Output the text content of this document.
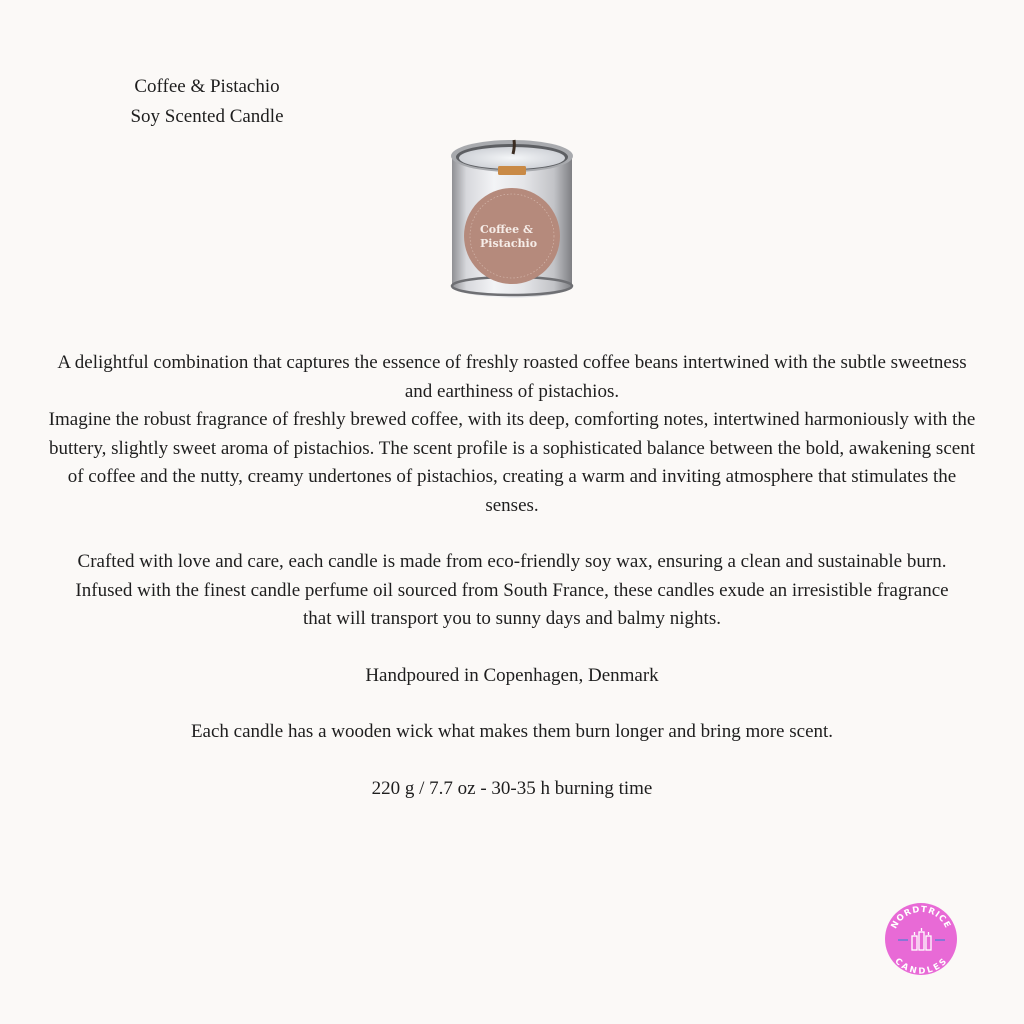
Coffee & Pistachio
Soy Scented Candle
Coffee &
Pistachio

A delightful combination that captures the essence of freshly roasted coffee beans intertwined with the subtle sweetness and earthiness of pistachios.

Imagine the robust fragrance of freshly brewed coffee, with its deep, comforting notes, intertwined harmoniously with the buttery, slightly sweet aroma of pistachios. The scent profile is a sophisticated balance between the bold, awakening scent of coffee and the nutty, creamy undertones of pistachios, creating a warm and inviting atmosphere that stimulates the senses.

Crafted with love and care, each candle is made from eco-friendly soy wax, ensuring a clean and sustainable burn. Infused with the finest candle perfume oil sourced from South France, these candles exude an irresistible fragrance that will transport you to sunny days and balmy nights.

Handpoured in Copenhagen, Denmark

Each candle has a wooden wick what makes them burn longer and bring more scent.

220 g / 7.7 oz - 30-35 h burning time

NORDTRICE
CANDLES
